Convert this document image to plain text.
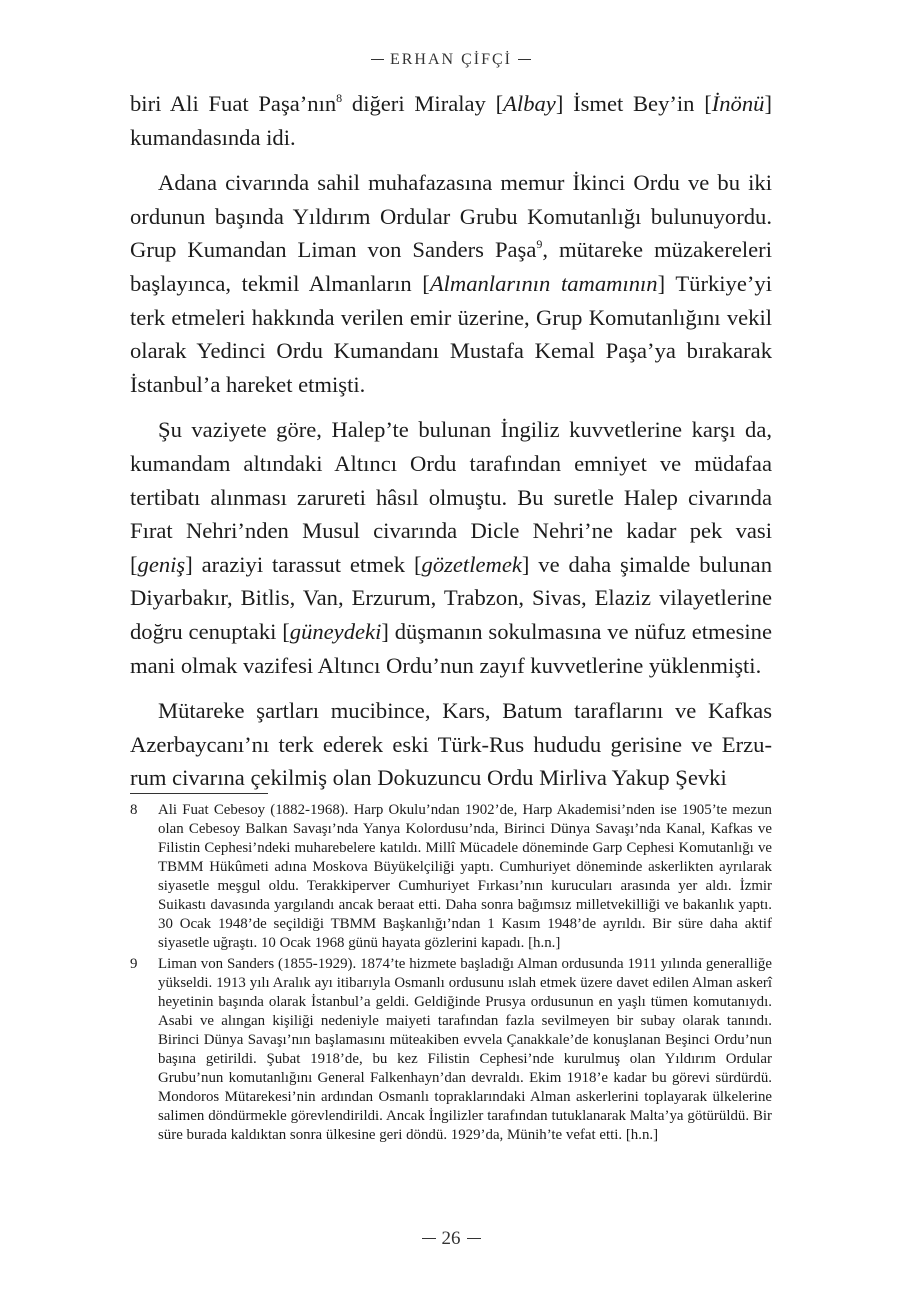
ERHAN ÇİFÇİ

biri Ali Fuat Paşa’nın$^8$ diğeri Miralay [Albay] İsmet Bey’in [İnönü] kumandasında idi.

Adana civarında sahil muhafazasına memur İkinci Ordu ve bu iki ordunun başında Yıldırım Ordular Grubu Komutanlığı bulunuyordu. Grup Kumandan Liman von Sanders Paşa$^9$, mütareke müzakereleri başlayınca, tekmil Almanların [Almanlarının tamamının] Türkiye’yi terk etmeleri hakkında verilen emir üzerine, Grup Komutanlığını vekil olarak Yedinci Ordu Kumandanı Mustafa Kemal Paşa’ya bırakarak İstanbul’a hareket etmişti.

Şu vaziyete göre, Halep’te bulunan İngiliz kuvvetlerine karşı da, kumandam altındaki Altıncı Ordu tarafından emniyet ve müdafaa tertibatı alınması zarureti hâsıl olmuştu. Bu suretle Halep civarında Fırat Nehri’nden Musul civarında Dicle Nehri’ne kadar pek vasi [geniş] araziyi tarassut etmek [gözetlemek] ve daha şimalde bulunan Diyarbakır, Bitlis, Van, Erzurum, Trabzon, Sivas, Elaziz vilayetlerine doğru cenuptaki [güneydeki] düşmanın sokulmasına ve nüfuz etmesine mani olmak vazifesi Altıncı Ordu’nun zayıf kuvvetlerine yüklenmişti.

Mütareke şartları mucibince, Kars, Batum taraflarını ve Kafkas Azerbaycanı’nı terk ederek eski Türk-Rus hududu gerisine ve Erzurum civarına çekilmiş olan Dokuzuncu Ordu Mirliva Yakup Şevki

8 Ali Fuat Cebesoy (1882-1968). Harp Okulu’ndan 1902’de, Harp Akademisi’nden ise 1905’te mezun olan Cebesoy Balkan Savaşı’nda Yanya Kolordusu’nda, Birinci Dünya Savaşı’nda Kanal, Kafkas ve Filistin Cephesi’ndeki muharebelere katıldı. Millî Mücadele döneminde Garp Cephesi Komutanlığı ve TBMM Hükûmeti adına Moskova Büyükelçiliği yaptı. Cumhuriyet döneminde askerlikten ayrılarak siyasetle meşgul oldu. Terakkiperver Cumhuriyet Fırkası’nın kurucuları arasında yer aldı. İzmir Suikastı davasında yargılandı ancak beraat etti. Daha sonra bağımsız milletvekilliği ve bakanlık yaptı. 30 Ocak 1948’de seçildiği TBMM Başkanlığı’ndan 1 Kasım 1948’de ayrıldı. Bir süre daha aktif siyasetle uğraştı. 10 Ocak 1968 günü hayata gözlerini kapadı. [h.n.]
9 Liman von Sanders (1855-1929). 1874’te hizmete başladığı Alman ordusunda 1911 yılında generalliğe yükseldi. 1913 yılı Aralık ayı itibarıyla Osmanlı ordusunu ıslah etmek üzere davet edilen Alman askerî heyetinin başında olarak İstanbul’a geldi. Geldiğinde Prusya ordusunun en yaşlı tümen komutanıydı. Asabi ve alıngan kişiliği nedeniyle maiyeti tarafından fazla sevilmeyen bir subay olarak tanındı. Birinci Dünya Savaşı’nın başlamasını müteakiben evvela Çanakkale’de konuşlanan Beşinci Ordu’nun başına getirildi. Şubat 1918’de, bu kez Filistin Cephesi’nde kurulmuş olan Yıldırım Ordular Grubu’nun komutanlığını General Falkenhayn’dan devraldı. Ekim 1918’e kadar bu görevi sürdürdü. Mondoros Mütarekesi’nin ardından Osmanlı topraklarındaki Alman askerlerini toplayarak ülkelerine salimen döndürmekle görevlendirildi. Ancak İngilizler tarafından tutuklanarak Malta’ya götürüldü. Bir süre burada kaldıktan sonra ülkesine geri döndü. 1929’da, Münih’te vefat etti. [h.n.]
26
